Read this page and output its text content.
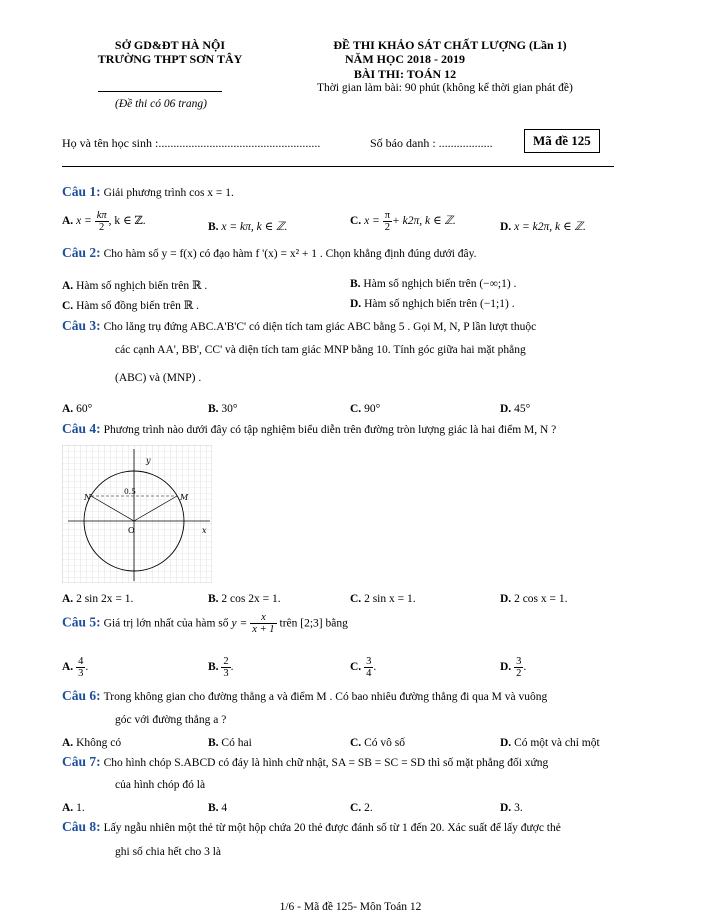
SỞ GD&ĐT HÀ NỘI
TRƯỜNG THPT SƠN TÂY
(Đề thi có 06 trang)
ĐỀ THI KHẢO SÁT CHẤT LƯỢNG (Lần 1)
NĂM HỌC 2018 - 2019
BÀI THI: TOÁN 12
Thời gian làm bài: 90 phút (không kể thời gian phát đề)
Họ và tên học sinh :......................................................	Số báo danh : ..................	Mã đề 125
Câu 1: Giải phương trình cos x = 1.
A. $x = \frac{k\pi}{2}$ , k ∈ ℤ.	B. x = kπ, k ∈ ℤ.	C. $x = \frac{\pi}{2} + k2\pi$, k ∈ ℤ.	D. x = k2π, k ∈ ℤ.
Câu 2: Cho hàm số y = f(x) có đạo hàm f '(x) = x² + 1 . Chọn khẳng định đúng dưới đây.
A. Hàm số nghịch biến trên ℝ .	B. Hàm số nghịch biến trên (−∞;1) .
C. Hàm số đồng biến trên ℝ .	D. Hàm số nghịch biến trên (−1;1) .
Câu 3: Cho lăng trụ đứng ABC.A'B'C' có diện tích tam giác ABC bằng 5 . Gọi M, N, P lần lượt thuộc
các cạnh AA', BB', CC' và diện tích tam giác MNP bằng 10. Tính góc giữa hai mặt phẳng
(ABC) và (MNP) .
A. 60°	B. 30°	C. 90°	D. 45°
Câu 4: Phương trình nào dưới đây có tập nghiệm biểu diễn trên đường tròn lượng giác là hai điểm M, N ?
y
x
O
N	M
0.5
A. 2 sin 2x = 1.	B. 2 cos 2x = 1.	C. 2 sin x = 1.	D. 2 cos x = 1.
Câu 5: Giá trị lớn nhất của hàm số $y = \frac{x}{x + 1}$ trên [2;3] bằng
A. $\frac{4}{3}$ .	B. $\frac{2}{3}$ .	C. $\frac{3}{4}$ .	D. $\frac{3}{2}$ .
Câu 6: Trong không gian cho đường thẳng a và điểm M . Có bao nhiêu đường thẳng đi qua M và vuông
góc với đường thẳng a ?
A. Không có	B. Có hai	C. Có vô số	D. Có một và chỉ một
Câu 7: Cho hình chóp S.ABCD có đáy là hình chữ nhật, SA = SB = SC = SD thì số mặt phẳng đối xứng
của hình chóp đó là
A. 1.	B. 4	C. 2.	D. 3.
Câu 8: Lấy ngẫu nhiên một thẻ từ một hộp chứa 20 thẻ được đánh số từ 1 đến 20. Xác suất để lấy được thẻ
ghi số chia hết cho 3 là
1/6 - Mã đề 125- Môn Toán 12
